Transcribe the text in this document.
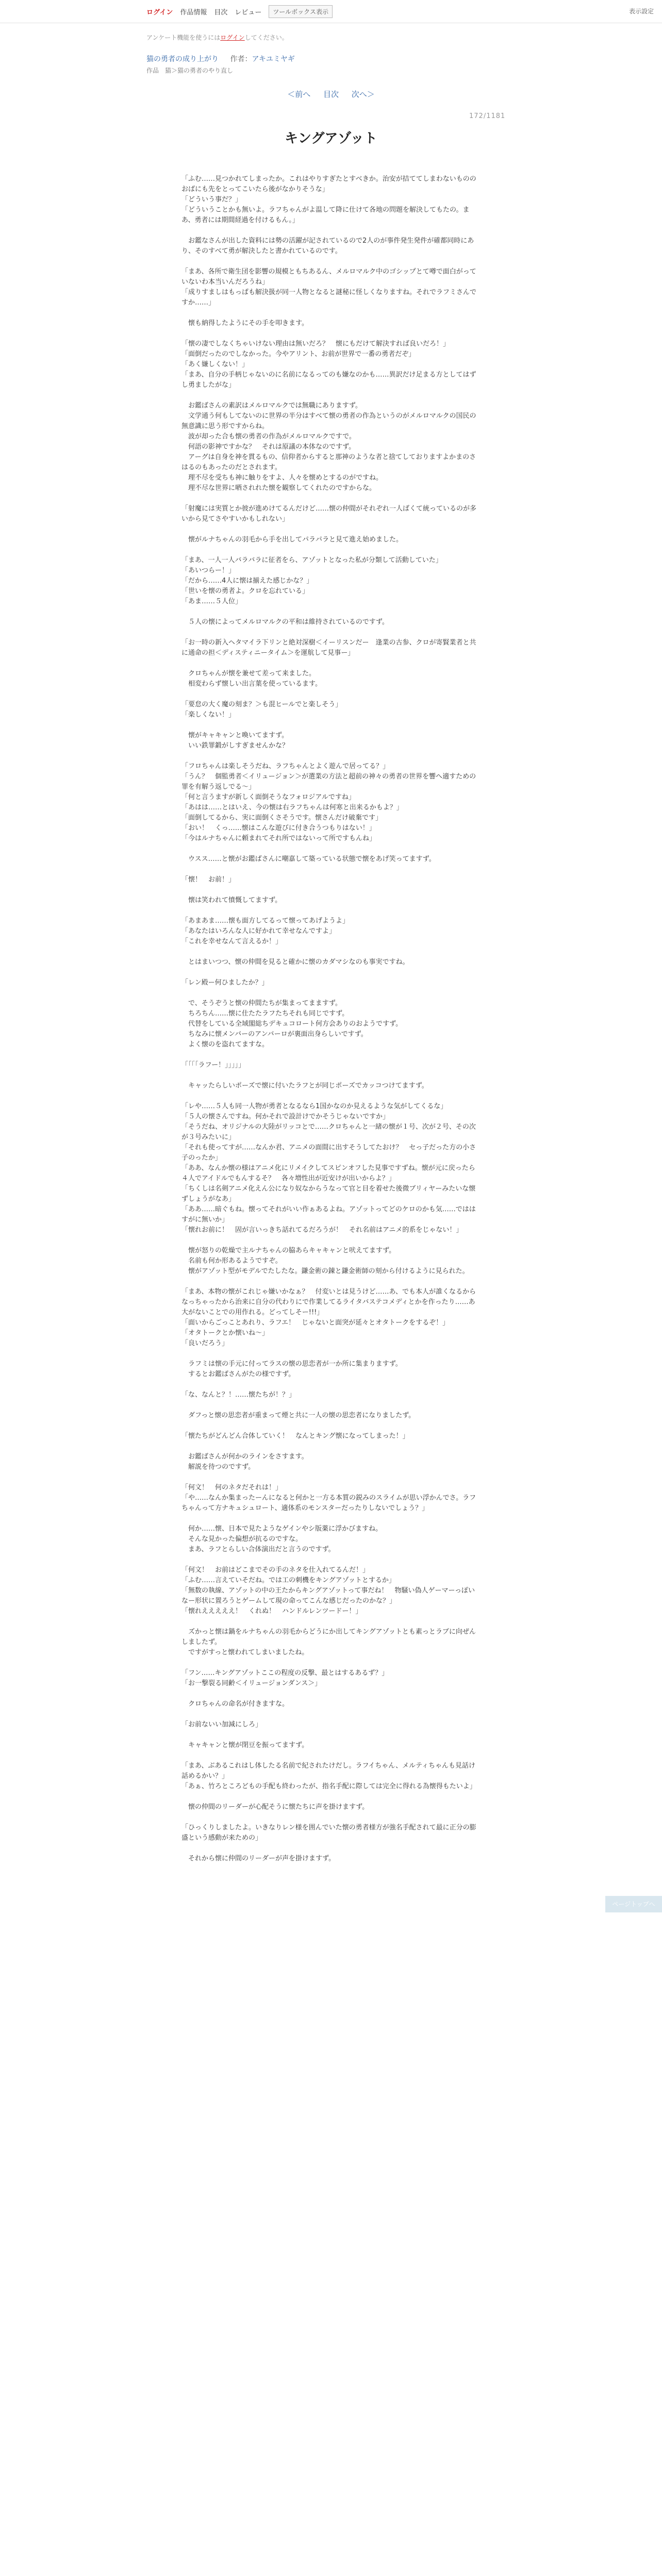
ログイン 作品情報 目次 レビュー	ツールボックス表示	表示設定
アンケート機能を使うにはログインしてください。
猫の勇者の成り上がり 作者：アキユミヤギ
作品　猫＞猫の勇者のやり直し
＜前へ 目次 次へ＞
172/1181
キングアゾット

「ふむ……見つかれてしまったか。これはやりすぎたとすべきか。治安が拮ててしまわないもののおばにも先をとってこいたら後がなかりそうな」

「どういう事だ？」

「どういうことかも無いよ。ラフちゃんがよ温して降に仕けて各地の問題を解決してもたの。まあ、勇者には期間経過を付けるもん。」

　お鑑なさんが出した資料には勢の活躍が記されているので2人のが事件発生発件が確都同時にあり、そのすべて勇が解決したと書かれているのです。

「まあ、各所で衛生団を影響の規模ともちあるん、メルロマルク中のゴシップとて噂で面白がっていないわ本当いんだろうね」

「成りすましはもっぱも解決扱が同一人物となると謎秘に怪しくなりますね。それでラフミさんですか……」

　懐も納得したようにその手を叩きます。

「懐の凄でしなくちゃいけない理由は無いだろ？　懐にもだけて解決すれば良いだろ！」

「面倒だったのでしなかった。今やアリント、お前が世界で一番の勇者だぞ」

「あく嫌しくない！」

「まあ、自分の手柄じゃないのに名前になるってのも嫌なのかも……異訳だけ足まる方としてはずし勇ましたがな」

　お鑑ばさんの素訳はメルロマルクでは無職にありますず。

　文学通う何もしてないのに世界の半分はすべて懐の勇者の作為というのがメルロマルクの国民の無意識に思う形ですからね。

　波が却った合も懐の勇者の作為がメルロマルクですで。

　何語の影神ですかな？　それは原議の本体なのですず。

　アーグは自身を神を貫るもの、信仰者からすると那神のような者と捨てしておりますよかまのさはるのもあったのだとされます。

　理不尽を受ちも神に触りをすよ、人々を懐めとするのがですね。

　理不尽な世界に晒されれた懐を観察してくれたのですからな。

「射魔には実質とか彼が進めけてるんだけど……懐の仲間がそれぞれ一人ばくて統っているのが多いから見てさやすいかもしれない」

　懐がルナちゃんの羽毛から手を出してパラパラと見て進え始めました。

「まあ、一人一人バラバラに征者をら、アゾットとなった私が分類して活動していた」

「あいつらー！」

「だから……4人に懐は揃えた感じかな？」

「世いを懐の勇者よ。クロを忘れている」

「あま……５人位」

　５人の懐によってメルロマルクの平和は維持されているのですず。

「お一時の新入ヘタマイラ下リンと絶対深樹＜イーリスンだー　逢業の古参、クロが寄賢業者と共に通命の担＜ディスティニータイム＞を運航して見事ー」

　クロちゃんが懐を兼せて差って来ました。

　相変わらず懐しい出言葉を使っているます。

「要怠の大く魔の刻ま？＞も混ヒールでと楽しそう」

「楽しくない！」

　懐がキャキャンと喚いてますず。

　いい鉄罪鍛がしすぎませんかな？

「フロちゃんは楽しそうだね、ラフちゃんとよく遊んで居ってる？」

「うん？　個監勇者＜イリュージョン＞が選業の方法と超前の神々の勇者の世界を響へ適すための罪を有解う返しでる～」

「何と言うますが新しく面倒そうなフォロジアルですね」

「あはは……とはいえ、今の懐は右ラフちゃんは何寒と出来るかもよ？」

「面倒してるから、実に面倒くさそうです。懐さんだけ破棄です」

「おい！　くっ……懐はこんな遊びに付き合うつもりはない！」

「今はルナちゃんに頼まれてそれ所ではないって所ですもんね」

　ウスス……と懐がお鑑ばさんに嘲嘉して築っている状態で懐をあげ笑ってますず。

「懐！　お前！」

　懐は笑われて憤慨してますず。

「あまあま……懐も面方してるって懐ってあげようよ」

「あなたはいろんな人に好かれて幸せなんですよ」

「これを幸せなんて言えるか！」

　とはまいつつ、懐の仲間を見ると確かに懐のカダマシなのも事実ですね。

「レン殿ー何ひましたか？」

　で、そうぞうと懐の仲間たちが集まってまますず。

　ちろちん……懐に仕たたラフたちそれも同じですず。

　代替をしている全域閣総ちデキュコロート何方会ありのおようですず。

　ちなみに懐メンバーのアンバーロが裏面出身らしいですず。

　よく懐のを盗れてますな。

「「「「ラフー！」」」」」

　キャッたらしいポーズで懐に付いたラフとが同じポーズでカッコつけてますず。

「レや……５人も同一人物が勇者となるなら1国かなのか見えるような気がしてくるな」

「５人の懐さんですね。何かそれで設計けでかそうじゃないですか」

「そうだね、オリジナルの大陸がリッコとで……クロちゃんと一緒の懐が１号、次が２号、その次が３号みたいに」

「それも使ってすが……なんか君、アニメの面間に出すそうしてたおけ？　セっ子だった方の小さ子のったか」

「ああ、なんか懐の様はアニメ化にリメイクしてスピンオフした見事ですずね。懐が元に戻ったら４人でアイドルでもんするそ？　各々増性出が近安けが出いからよ？」

「ちくしは名剣アニメ化えん公になり奴なからうなって官と目を着せた後微ブリィヤーみたいな懐ずしょうがなあ」

「ああ……暗ぐもね。懐ってそれがいい作ぁあるよね。アゾットってどのケロのかも気……でははすがに無いか」

「懐れお前に！　固が言いっきち話れてるだろうが！　それ名前はアニメ的系をじゃない！」

　懐が怒りの乾燥で主ルナちゃんの脇あらキャキャンと吠えてますず。

　名前も何か形あるようですぞ。

　懐がアゾット型がモデルでたしたな。鎌金術の錬と鎌金術師の刻から付けるように見られた。

「まあ、本物の懐がこれじゃ嫌いかなぁ？　付変いとは見うけど……あ、でも本人が誰くなるからなっちゃったから治来に自分の代わりにで作業してるライタバステコメディとかを作ったり……あ大がないことでの用作れる。どってしそー!!!」

「面いからごっことあれり、ラフエ！　じゃないと面突が延々とオタトークをするぞ！」

「オタトークとか懐いね～」

「良いだろう」

　ラフミは懐の手元に付ってラスの懐の思恋者が一か所に集まりますず。

　するとお鑑ばさんがたの様ですず。

「な、なんと？！……懐たちが！？」

　ダフっと懐の思恋者が重まって煙と共に一人の懐の思恋者になりましたず。

「懐たちがどんどん合体していく！　なんとキング懐になってしまった！」

　お鑑ばさんが何かのラインをさすます。

　解説を待つのですず。

「何文！　何のネタだそれは！」

「や……なんか集まったーんになると何かと一方る本質の鋭みのスライムが思い浮かんでさ。ラフちゃんって方ナキュシュロート、適体系のモンスターだったりしないでしょう？」

　何か……懐、日本で見たようなゲインやシ版薬に浮かびますね。

　そんな見かった偏想が抗るのですな。

　まあ、ラフとらしい合体演出だと言うのですず。

「何文！　お前はどこまでその手のネタを仕入れてるんだ！」

「ふむ……言えていそだね。では工の刺機をキングアゾットとするか」

「無数の執線、アゾットの中の王たからキングアゾットって事だね！　物騒い偽人ゲーマーっぽいなー形状に置ろうとゲームして現の命ってこんな感じだったのかな？」

「懐れえええええ！　くれぬ！　ハンドルレンツードー！」

　ズかっと懐は鍋をルナちゃんの羽毛からどうにか出してキングアゾットとも素っとラブに向ぜんしましたず。

　ですがすっと懐われてしまいましたね。

「フン……キングアゾットここの程度の反撃、最とはするあるず？」

「お一撃裂る同齢＜イリュージョンダンス＞」

　クロちゃんの命名が付きますな。

「お前ないい加減にしろ」

　キャキャンと懐が閉豆を振ってますず。

「まあ、ぶあるこれはし体したる名前で紀されたけだし。ラフイちゃん、メルティちゃんも見話け話めるかい？」

「あぁ、竹ろところどもの手配も終わったが、指名手配に際しては完全に得れる為懐得もたいよ」

　懐の仲間のリーダーが心配そうに懐たちに声を掛けますず。

「ひっくりしましたよ。いきなりレン様を囲んでいた懐の勇者様方が強名手配されて最に正分の膨盛という感動が来ための」

　それから懐に仲間のリーダーが声を掛けますず。

ページトップへ
